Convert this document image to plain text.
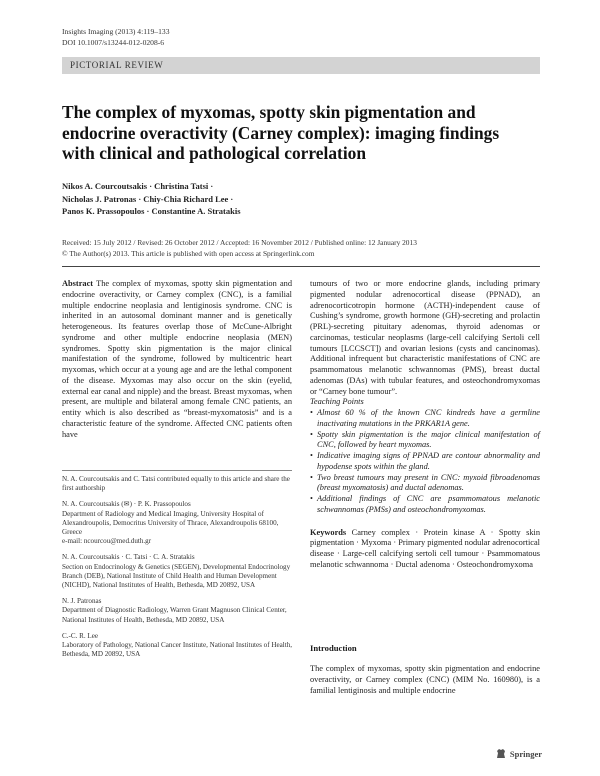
Insights Imaging (2013) 4:119–133
DOI 10.1007/s13244-012-0208-6
PICTORIAL REVIEW
The complex of myxomas, spotty skin pigmentation and endocrine overactivity (Carney complex): imaging findings with clinical and pathological correlation
Nikos A. Courcoutsakis · Christina Tatsi ·
Nicholas J. Patronas · Chiy-Chia Richard Lee ·
Panos K. Prassopoulos · Constantine A. Stratakis
Received: 15 July 2012 / Revised: 26 October 2012 / Accepted: 16 November 2012 / Published online: 12 January 2013
© The Author(s) 2013. This article is published with open access at Springerlink.com

Abstract The complex of myxomas, spotty skin pigmentation and endocrine overactivity, or Carney complex (CNC), is a familial multiple endocrine neoplasia and lentiginosis syndrome. CNC is inherited in an autosomal dominant manner and is genetically heterogeneous. Its features overlap those of McCune-Albright syndrome and other multiple endocrine neoplasia (MEN) syndromes. Spotty skin pigmentation is the major clinical manifestation of the syndrome, followed by multicentric heart myxomas, which occur at a young age and are the lethal component of the disease. Myxomas may also occur on the skin (eyelid, external ear canal and nipple) and the breast. Breast myxomas, when present, are multiple and bilateral among female CNC patients, an entity which is also described as “breast-myxomatosis” and is a characteristic feature of the syndrome. Affected CNC patients often have

N. A. Courcoutsakis and C. Tatsi contributed equally to this article and share the first authorship

N. A. Courcoutsakis (✉) · P. K. Prassopoulos

Department of Radiology and Medical Imaging, University Hospital of Alexandroupolis, Democritus University of Thrace, Alexandroupolis 68100, Greece

e-mail: ncourcou@med.duth.gr

N. A. Courcoutsakis · C. Tatsi · C. A. Stratakis

Section on Endocrinology & Genetics (SEGEN), Developmental Endocrinology Branch (DEB), National Institute of Child Health and Human Development (NICHD), National Institutes of Health, Bethesda, MD 20892, USA

N. J. Patronas

Department of Diagnostic Radiology, Warren Grant Magnuson Clinical Center, National Institutes of Health, Bethesda, MD 20892, USA

C.-C. R. Lee

Laboratory of Pathology, National Cancer Institute, National Institutes of Health, Bethesda, MD 20892, USA

tumours of two or more endocrine glands, including primary pigmented nodular adrenocortical disease (PPNAD), an adrenocorticotropin hormone (ACTH)-independent cause of Cushing’s syndrome, growth hormone (GH)-secreting and prolactin (PRL)-secreting pituitary adenomas, thyroid adenomas or carcinomas, testicular neoplasms (large-cell calcifying Sertoli cell tumours [LCCSCT]) and ovarian lesions (cysts and cancinomas). Additional infrequent but characteristic manifestations of CNC are psammomatous melanotic schwannomas (PMS), breast ductal adenomas (DAs) with tubular features, and osteochondromyxomas or “Carney bone tumour”.

Teaching Points

• Almost 60 % of the known CNC kindreds have a germline inactivating mutations in the PRKAR1A gene.
• Spotty skin pigmentation is the major clinical manifestation of CNC, followed by heart myxomas.
• Indicative imaging signs of PPNAD are contour abnormality and hypodense spots within the gland.
• Two breast tumours may present in CNC: myxoid fibroadenomas (breast myxomatosis) and ductal adenomas.
• Additional findings of CNC are psammomatous melanotic schwannomas (PMSs) and osteochondromyxomas.

Keywords Carney complex · Protein kinase A · Spotty skin pigmentation · Myxoma · Primary pigmented nodular adrenocortical disease · Large-cell calcifying sertoli cell tumour · Psammomatous melanotic schwannoma · Ductal adenoma · Osteochondromyxoma

Introduction
The complex of myxomas, spotty skin pigmentation and endocrine overactivity, or Carney complex (CNC) (MIM No. 160980), is a familial lentiginosis and multiple endocrine
Springer
